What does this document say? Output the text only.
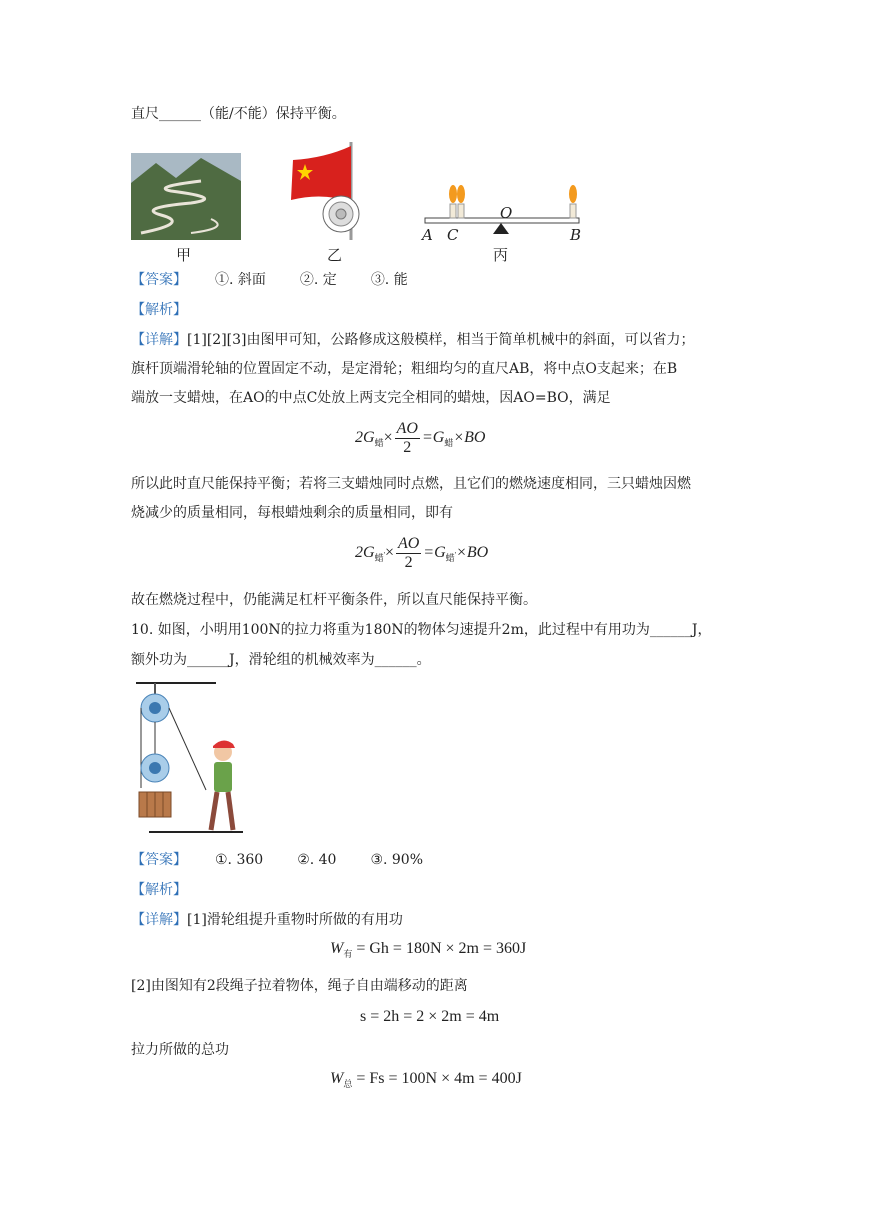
直尺______（能/不能）保持平衡。
甲	乙
O
A C	B
丙
【答案】 ①. 斜面 ②. 定 ③. 能
【解析】
【详解】[1][2][3]由图甲可知，公路修成这般模样，相当于简单机械中的斜面，可以省力；
旗杆顶端滑轮轴的位置固定不动，是定滑轮；粗细均匀的直尺AB，将中点O支起来；在B
端放一支蜡烛，在AO的中点C处放上两支完全相同的蜡烛，因AO=BO，满足
$2G_蜡\times \frac{AO}{2} =G_蜡\times BO$
所以此时直尺能保持平衡；若将三支蜡烛同时点燃，且它们的燃烧速度相同，三只蜡烛因燃
烧减少的质量相同，每根蜡烛剩余的质量相同，即有
$2G_{蜡'}\times \frac{AO}{2} =G_{蜡'}\times BO$
故在燃烧过程中，仍能满足杠杆平衡条件，所以直尺能保持平衡。
10. 如图，小明用100N的拉力将重为180N的物体匀速提升2m，此过程中有用功为______J，
额外功为______J，滑轮组的机械效率为______。
【答案】 ①. 360 ②. 40 ③. 90%
【解析】
【详解】[1]滑轮组提升重物时所做的有用功
$W_有 = Gh = 180N \times 2m = 360J$
[2]由图知有2段绳子拉着物体，绳子自由端移动的距离
s = 2h = 2 × 2m = 4m
拉力所做的总功
$W_总 = Fs = 100N \times 4m = 400J$
